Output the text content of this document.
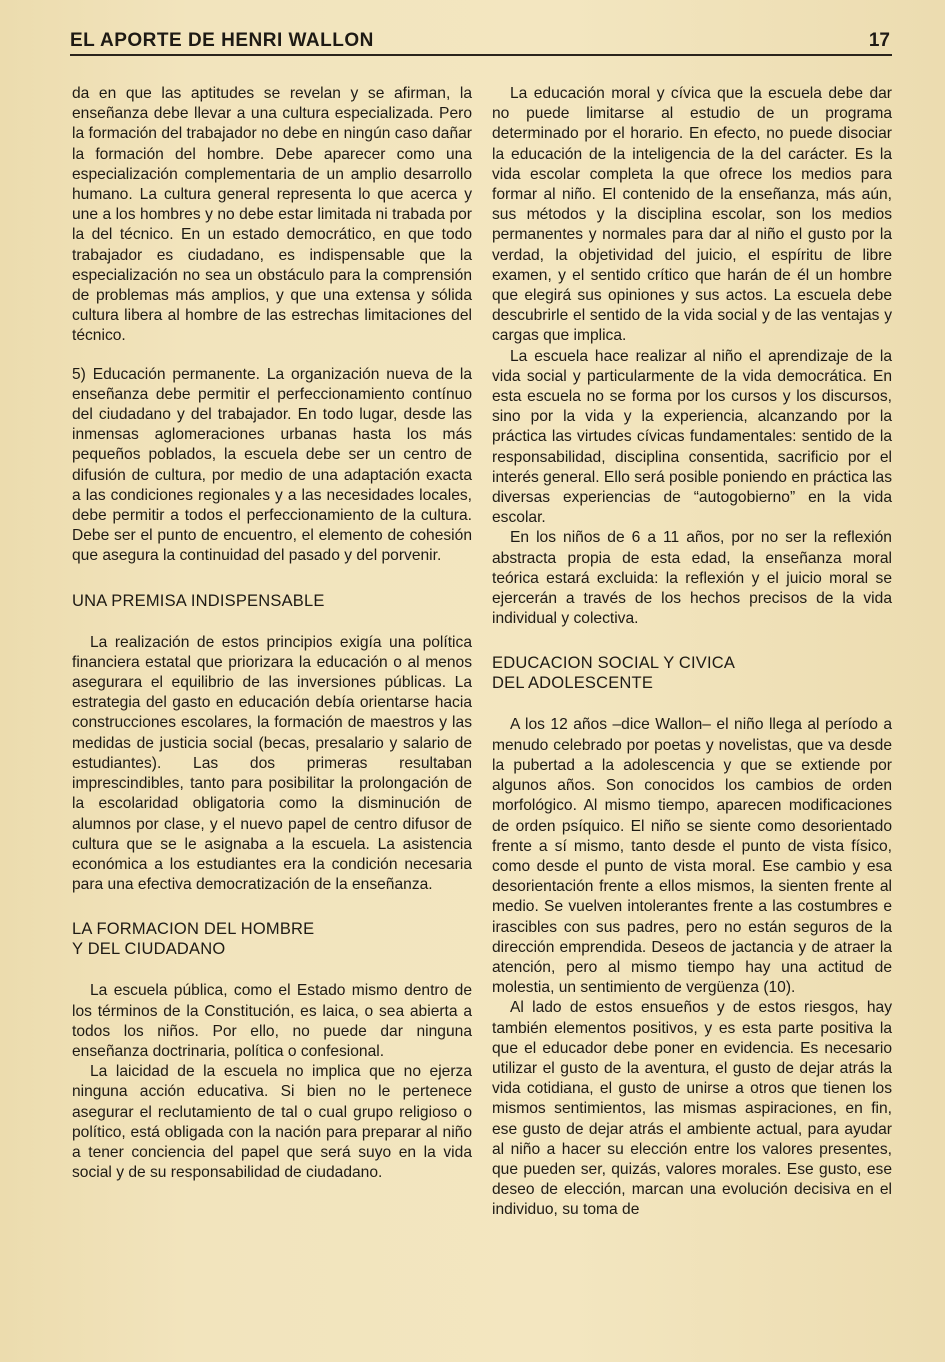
EL APORTE DE HENRI WALLON	17

da en que las aptitudes se revelan y se afirman, la enseñanza debe llevar a una cultura especializada. Pero la formación del trabajador no debe en ningún caso dañar la formación del hombre. Debe aparecer como una especialización complementaria de un amplio desarrollo humano. La cultura general representa lo que acerca y une a los hombres y no debe estar limitada ni trabada por la del técnico. En un estado democrático, en que todo trabajador es ciudadano, es indispensable que la especialización no sea un obstáculo para la comprensión de problemas más amplios, y que una extensa y sólida cultura libera al hombre de las estrechas limitaciones del técnico.

5) Educación permanente. La organización nueva de la enseñanza debe permitir el perfeccionamiento contínuo del ciudadano y del trabajador. En todo lugar, desde las inmensas aglomeraciones urbanas hasta los más pequeños poblados, la escuela debe ser un centro de difusión de cultura, por medio de una adaptación exacta a las condiciones regionales y a las necesidades locales, debe permitir a todos el perfeccionamiento de la cultura. Debe ser el punto de encuentro, el elemento de cohesión que asegura la continuidad del pasado y del porvenir.

UNA PREMISA INDISPENSABLE

La realización de estos principios exigía una política financiera estatal que priorizara la educación o al menos asegurara el equilibrio de las inversiones públicas. La estrategia del gasto en educación debía orientarse hacia construcciones escolares, la formación de maestros y las medidas de justicia social (becas, presalario y salario de estudiantes). Las dos primeras resultaban imprescindibles, tanto para posibilitar la prolongación de la escolaridad obligatoria como la disminución de alumnos por clase, y el nuevo papel de centro difusor de cultura que se le asignaba a la escuela. La asistencia económica a los estudiantes era la condición necesaria para una efectiva democratización de la enseñanza.

LA FORMACION DEL HOMBRE
Y DEL CIUDADANO

La escuela pública, como el Estado mismo dentro de los términos de la Constitución, es laica, o sea abierta a todos los niños. Por ello, no puede dar ninguna enseñanza doctrinaria, política o confesional.

La laicidad de la escuela no implica que no ejerza ninguna acción educativa. Si bien no le pertenece asegurar el reclutamiento de tal o cual grupo religioso o político, está obligada con la nación para preparar al niño a tener conciencia del papel que será suyo en la vida social y de su responsabilidad de ciudadano.

La educación moral y cívica que la escuela debe dar no puede limitarse al estudio de un programa determinado por el horario. En efecto, no puede disociar la educación de la inteligencia de la del carácter. Es la vida escolar completa la que ofrece los medios para formar al niño. El contenido de la enseñanza, más aún, sus métodos y la disciplina escolar, son los medios permanentes y normales para dar al niño el gusto por la verdad, la objetividad del juicio, el espíritu de libre examen, y el sentido crítico que harán de él un hombre que elegirá sus opiniones y sus actos. La escuela debe descubrirle el sentido de la vida social y de las ventajas y cargas que implica.

La escuela hace realizar al niño el aprendizaje de la vida social y particularmente de la vida democrática. En esta escuela no se forma por los cursos y los discursos, sino por la vida y la experiencia, alcanzando por la práctica las virtudes cívicas fundamentales: sentido de la responsabilidad, disciplina consentida, sacrificio por el interés general. Ello será posible poniendo en práctica las diversas experiencias de “autogobierno” en la vida escolar.

En los niños de 6 a 11 años, por no ser la reflexión abstracta propia de esta edad, la enseñanza moral teórica estará excluida: la reflexión y el juicio moral se ejercerán a través de los hechos precisos de la vida individual y colectiva.

EDUCACION SOCIAL Y CIVICA
DEL ADOLESCENTE

A los 12 años –dice Wallon– el niño llega al período a menudo celebrado por poetas y novelistas, que va desde la pubertad a la adolescencia y que se extiende por algunos años. Son conocidos los cambios de orden morfológico. Al mismo tiempo, aparecen modificaciones de orden psíquico. El niño se siente como desorientado frente a sí mismo, tanto desde el punto de vista físico, como desde el punto de vista moral. Ese cambio y esa desorientación frente a ellos mismos, la sienten frente al medio. Se vuelven intolerantes frente a las costumbres e irascibles con sus padres, pero no están seguros de la dirección emprendida. Deseos de jactancia y de atraer la atención, pero al mismo tiempo hay una actitud de molestia, un sentimiento de vergüenza (10).

Al lado de estos ensueños y de estos riesgos, hay también elementos positivos, y es esta parte positiva la que el educador debe poner en evidencia. Es necesario utilizar el gusto de la aventura, el gusto de dejar atrás la vida cotidiana, el gusto de unirse a otros que tienen los mismos sentimientos, las mismas aspiraciones, en fin, ese gusto de dejar atrás el ambiente actual, para ayudar al niño a hacer su elección entre los valores presentes, que pueden ser, quizás, valores morales. Ese gusto, ese deseo de elección, marcan una evolución decisiva en el individuo, su toma de
